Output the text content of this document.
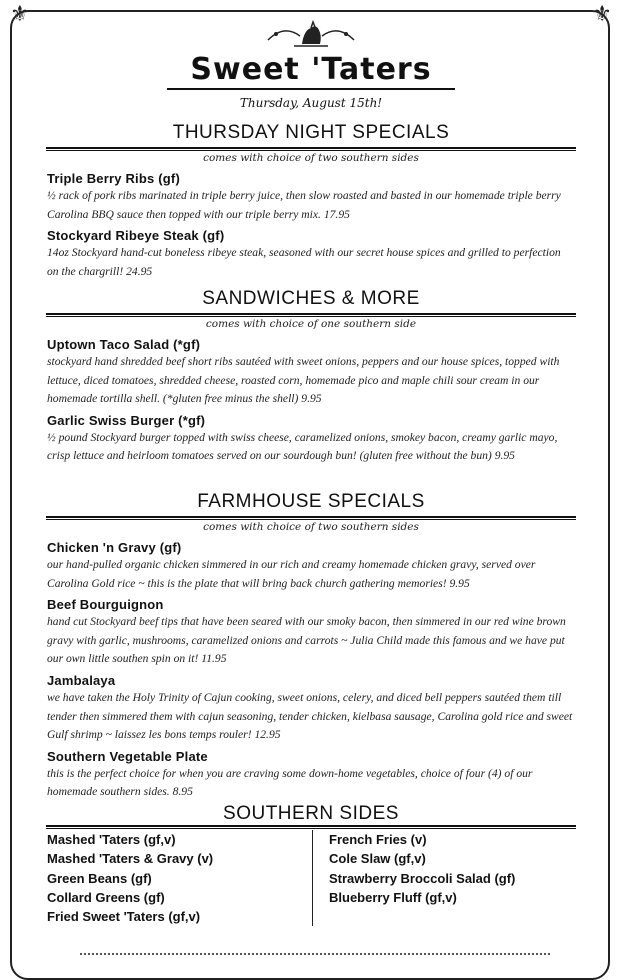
⚜	⚜
Sweet 'Taters
Thursday, August 15th!
THURSDAY NIGHT SPECIALS
comes with choice of two southern sides

Triple Berry Ribs (gf)

½ rack of pork ribs marinated in triple berry juice, then slow roasted and basted in our homemade triple berry Carolina BBQ sauce then topped with our triple berry mix. 17.95

Stockyard Ribeye Steak (gf)

14oz Stockyard hand-cut boneless ribeye steak, seasoned with our secret house spices and grilled to perfection on the chargrill! 24.95

SANDWICHES & MORE
comes with choice of one southern side

Uptown Taco Salad (*gf)

stockyard hand shredded beef short ribs sautéed with sweet onions, peppers and our house spices, topped with lettuce, diced tomatoes, shredded cheese, roasted corn, homemade pico and maple chili sour cream in our homemade tortilla shell. (*gluten free minus the shell) 9.95

Garlic Swiss Burger (*gf)

½ pound Stockyard burger topped with swiss cheese, caramelized onions, smokey bacon, creamy garlic mayo, crisp lettuce and heirloom tomatoes served on our sourdough bun! (gluten free without the bun) 9.95

FARMHOUSE SPECIALS
comes with choice of two southern sides

Chicken 'n Gravy (gf)

our hand-pulled organic chicken simmered in our rich and creamy homemade chicken gravy, served over Carolina Gold rice ~ this is the plate that will bring back church gathering memories! 9.95

Beef Bourguignon

hand cut Stockyard beef tips that have been seared with our smoky bacon, then simmered in our red wine brown gravy with garlic, mushrooms, caramelized onions and carrots ~ Julia Child made this famous and we have put our own little southen spin on it! 11.95

Jambalaya

we have taken the Holy Trinity of Cajun cooking, sweet onions, celery, and diced bell peppers sautéed them till tender then simmered them with cajun seasoning, tender chicken, kielbasa sausage, Carolina gold rice and sweet Gulf shrimp ~ laissez les bons temps rouler! 12.95

Southern Vegetable Plate

this is the perfect choice for when you are craving some down-home vegetables, choice of four (4) of our homemade southern sides. 8.95

SOUTHERN SIDES
Mashed 'Taters (gf,v)
Mashed 'Taters & Gravy (v)
Green Beans (gf)
Collard Greens (gf)
Fried Sweet 'Taters (gf,v)
French Fries (v)
Cole Slaw (gf,v)
Strawberry Broccoli Salad (gf)
Blueberry Fluff (gf,v)
